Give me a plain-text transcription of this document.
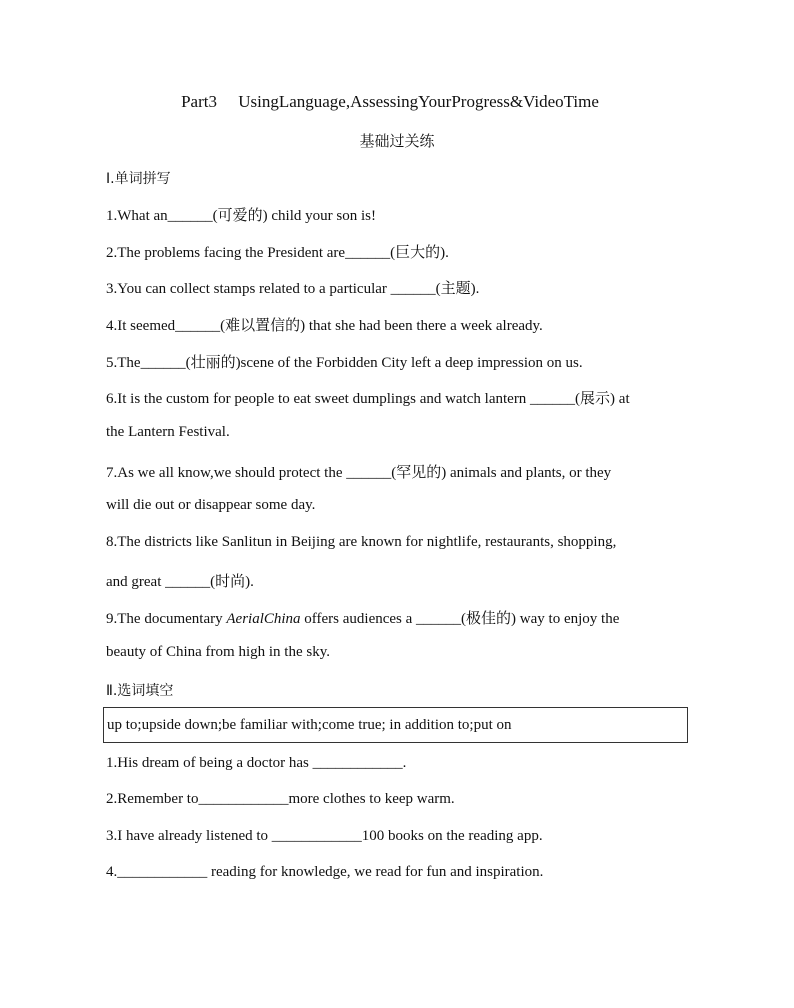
Part3     UsingLanguage,AssessingYourProgress&VideoTime
基础过关练
Ⅰ.单词拼写
1.What an______(可爱的) child your son is!
2.The problems facing the President are______(巨大的).
3.You can collect stamps related to a particular ______(主题).
4.It seemed______(难以置信的) that she had been there a week already.
5.The______(壮丽的)scene of the Forbidden City left a deep impression on us.
6.It is the custom for people to eat sweet dumplings and watch lantern ______(展示) at
the Lantern Festival.
7.As we all know,we should protect the ______(罕见的) animals and plants, or they
will die out or disappear some day.
8.The districts like Sanlitun in Beijing are known for nightlife, restaurants, shopping,
and great ______(时尚).
9.The documentary AerialChina offers audiences a ______(极佳的) way to enjoy the
beauty of China from high in the sky.
Ⅱ.选词填空
up to;upside down;be familiar with;come true; in addition to;put on
1.His dream of being a doctor has ____________.
2.Remember to____________more clothes to keep warm.
3.I have already listened to ____________100 books on the reading app.
4.____________ reading for knowledge, we read for fun and inspiration.
